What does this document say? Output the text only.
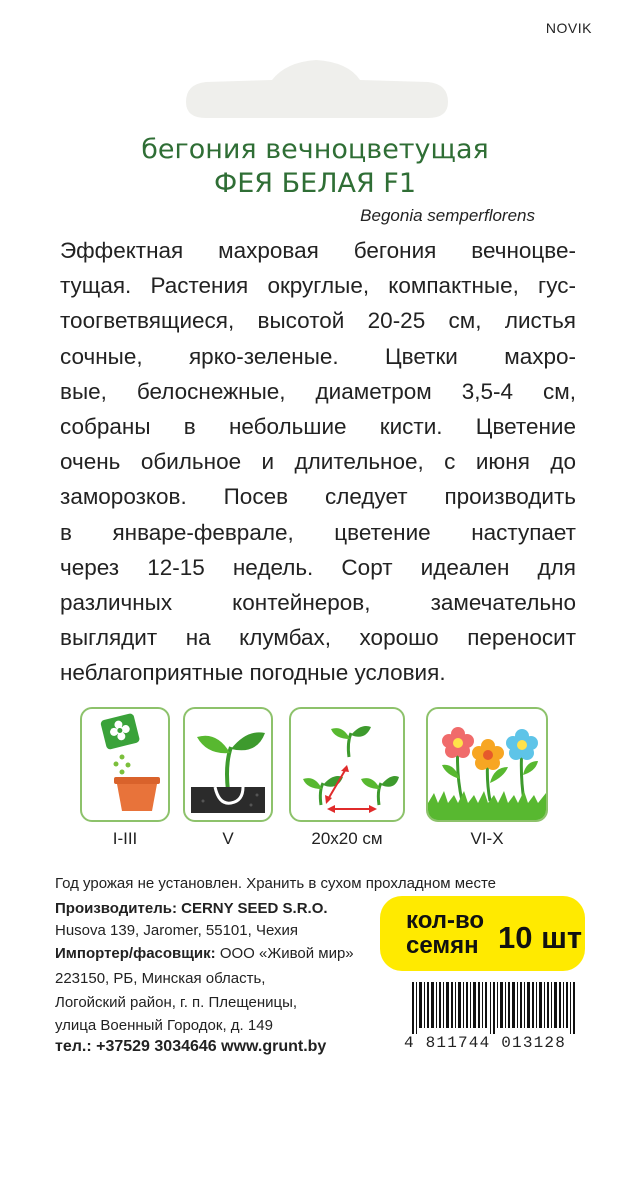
NOVIK
бегония вечноцветущая
ФЕЯ БЕЛАЯ F1
Begonia semperflorens
Эффектная махровая бегония вечноцве-
тущая. Растения округлые, компактные, гус-
тоогветвящиеся, высотой 20-25 см, листья
сочные, ярко-зеленые. Цветки махро-
вые, белоснежные, диаметром 3,5-4 см,
собраны в небольшие кисти. Цветение
очень обильное и длительное, с июня до
заморозков. Посев следует производить
в январе-феврале, цветение наступает
через 12-15 недель. Сорт идеален для
различных контейнеров, замечательно
выглядит на клумбах, хорошо переносит
неблагоприятные погодные условия.
I-III	V	20x20 см	VI-X
Год урожая не установлен. Хранить в сухом прохладном месте
Производитель: CERNY SEED S.R.O.
Husova 139, Jaromer, 55101, Чехия
Импортер/фасовщик: ООО «Живой мир»
223150, РБ, Минская область,
Логойский район, г. п. Плещеницы,
улица Военный Городок, д. 149
тел.: +37529 3034646 www.grunt.by
кол-во
семян 10 шт
4 811744 013128
